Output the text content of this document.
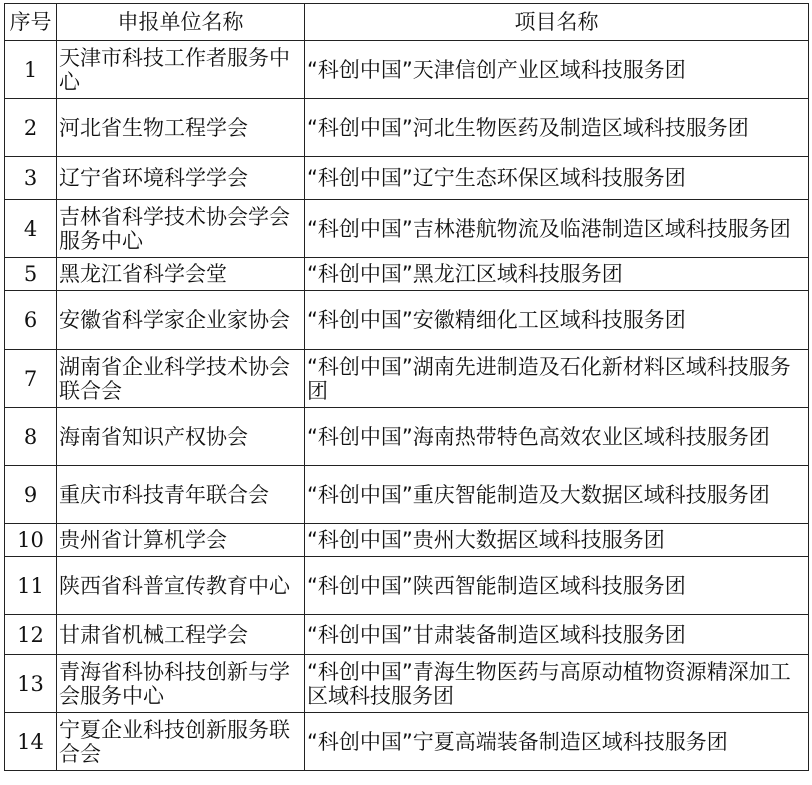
序号	申报单位名称	项目名称
1	天津市科技工作者服务中心	“科创中国”天津信创产业区域科技服务团
2	河北省生物工程学会	“科创中国”河北生物医药及制造区域科技服务团
3	辽宁省环境科学学会	“科创中国”辽宁生态环保区域科技服务团
4	吉林省科学技术协会学会服务中心	“科创中国”吉林港航物流及临港制造区域科技服务团
5	黑龙江省科学会堂	“科创中国”黑龙江区域科技服务团
6	安徽省科学家企业家协会	“科创中国”安徽精细化工区域科技服务团
7	湖南省企业科学技术协会联合会	“科创中国”湖南先进制造及石化新材料区域科技服务团
8	海南省知识产权协会	“科创中国”海南热带特色高效农业区域科技服务团
9	重庆市科技青年联合会	“科创中国”重庆智能制造及大数据区域科技服务团
10	贵州省计算机学会	“科创中国”贵州大数据区域科技服务团
11	陕西省科普宣传教育中心	“科创中国”陕西智能制造区域科技服务团
12	甘肃省机械工程学会	“科创中国”甘肃装备制造区域科技服务团
13	青海省科协科技创新与学会服务中心	“科创中国”青海生物医药与高原动植物资源精深加工区域科技服务团
14	宁夏企业科技创新服务联合会	“科创中国”宁夏高端装备制造区域科技服务团
